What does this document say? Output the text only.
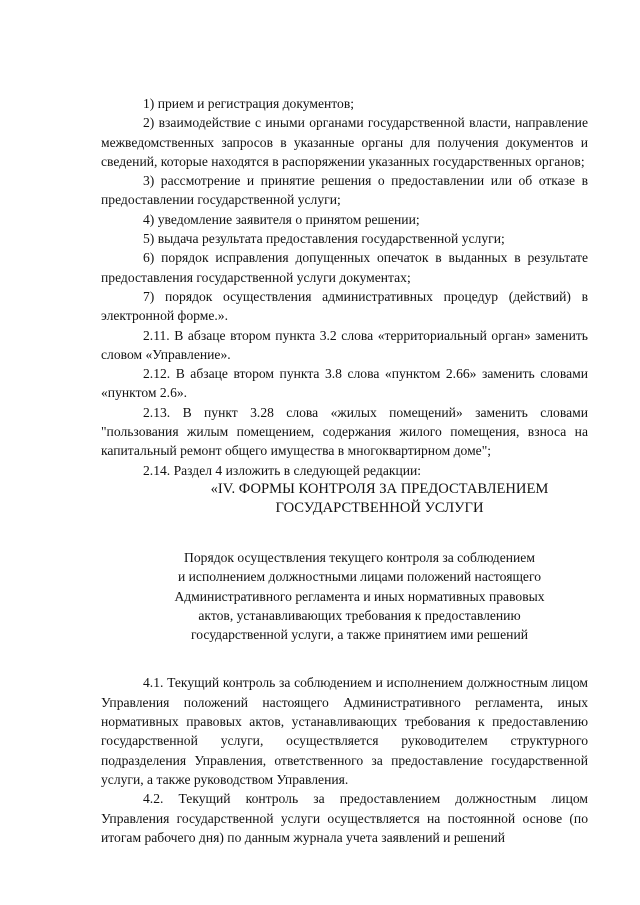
1) прием и регистрация документов;

2) взаимодействие с иными органами государственной власти, направление межведомственных запросов в указанные органы для получения документов и сведений, которые находятся в распоряжении указанных государственных органов;

3) рассмотрение и принятие решения о предоставлении или об отказе в предоставлении государственной услуги;

4) уведомление заявителя о принятом решении;

5) выдача результата предоставления государственной услуги;

6) порядок исправления допущенных опечаток в выданных в результате предоставления государственной услуги документах;

7) порядок осуществления административных процедур (действий) в электронной форме.».

2.11. В абзаце втором пункта 3.2 слова «территориальный орган» заменить словом «Управление».

2.12. В абзаце втором пункта 3.8 слова «пунктом 2.66» заменить словами «пунктом 2.6».

2.13. В пункт 3.28 слова «жилых помещений» заменить словами "пользования жилым помещением, содержания жилого помещения, взноса на капитальный ремонт общего имущества в многоквартирном доме";

2.14. Раздел 4 изложить в следующей редакции:

«IV. ФОРМЫ КОНТРОЛЯ ЗА ПРЕДОСТАВЛЕНИЕМ
ГОСУДАРСТВЕННОЙ УСЛУГИ
Порядок осуществления текущего контроля за соблюдением
и исполнением должностными лицами положений настоящего
Административного регламента и иных нормативных правовых
актов, устанавливающих требования к предоставлению
государственной услуги, а также принятием ими решений

4.1. Текущий контроль за соблюдением и исполнением должностным лицом Управления положений настоящего Административного регламента, иных нормативных правовых актов, устанавливающих требования к предоставлению государственной услуги, осуществляется руководителем структурного подразделения Управления, ответственного за предоставление государственной услуги, а также руководством Управления.

4.2. Текущий контроль за предоставлением должностным лицом Управления государственной услуги осуществляется на постоянной основе (по итогам рабочего дня) по данным журнала учета заявлений и решений
